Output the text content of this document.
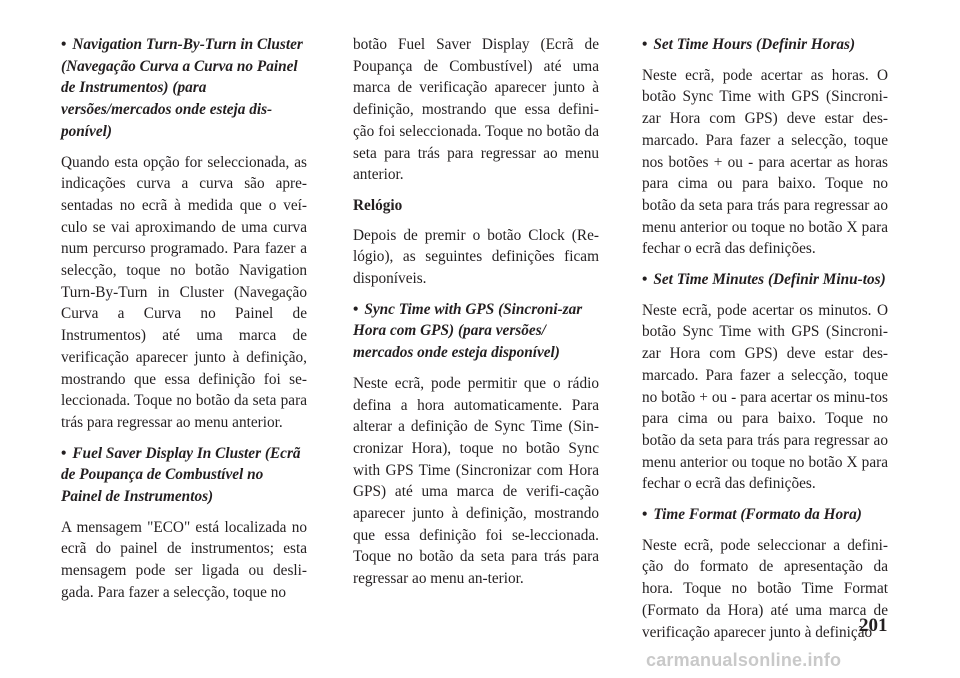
• Navigation Turn-By-Turn in Cluster (Navegação Curva a Curva no Painel de Instrumentos) (para versões/mercados onde esteja dis-ponível)

Quando esta opção for seleccionada, as indicações curva a curva são apre-sentadas no ecrã à medida que o veí-culo se vai aproximando de uma curva num percurso programado. Para fazer a selecção, toque no botão Navigation Turn-By-Turn in Cluster (Navegação Curva a Curva no Painel de Instrumentos) até uma marca de verificação aparecer junto à definição, mostrando que essa definição foi se-leccionada. Toque no botão da seta para trás para regressar ao menu anterior.

• Fuel Saver Display In Cluster (Ecrã de Poupança de Combustível no Painel de Instrumentos)

A mensagem "ECO" está localizada no ecrã do painel de instrumentos; esta mensagem pode ser ligada ou desli-gada. Para fazer a selecção, toque no

botão Fuel Saver Display (Ecrã de Poupança de Combustível) até uma marca de verificação aparecer junto à definição, mostrando que essa defini-ção foi seleccionada. Toque no botão da seta para trás para regressar ao menu anterior.

Relógio

Depois de premir o botão Clock (Re-lógio), as seguintes definições ficam disponíveis.

• Sync Time with GPS (Sincroni-zar Hora com GPS) (para versões/ mercados onde esteja disponível)

Neste ecrã, pode permitir que o rádio defina a hora automaticamente. Para alterar a definição de Sync Time (Sin-cronizar Hora), toque no botão Sync with GPS Time (Sincronizar com Hora GPS) até uma marca de verifi-cação aparecer junto à definição, mostrando que essa definição foi se-leccionada. Toque no botão da seta para trás para regressar ao menu an-terior.

• Set Time Hours (Definir Horas)

Neste ecrã, pode acertar as horas. O botão Sync Time with GPS (Sincroni-zar Hora com GPS) deve estar des-marcado. Para fazer a selecção, toque nos botões + ou - para acertar as horas para cima ou para baixo. Toque no botão da seta para trás para regressar ao menu anterior ou toque no botão X para fechar o ecrã das definições.

• Set Time Minutes (Definir Minu-tos)

Neste ecrã, pode acertar os minutos. O botão Sync Time with GPS (Sincroni-zar Hora com GPS) deve estar des-marcado. Para fazer a selecção, toque no botão + ou - para acertar os minu-tos para cima ou para baixo. Toque no botão da seta para trás para regressar ao menu anterior ou toque no botão X para fechar o ecrã das definições.

• Time Format (Formato da Hora)

Neste ecrã, pode seleccionar a defini-ção do formato de apresentação da hora. Toque no botão Time Format (Formato da Hora) até uma marca de verificação aparecer junto à definição

201
carmanualsonline.info
